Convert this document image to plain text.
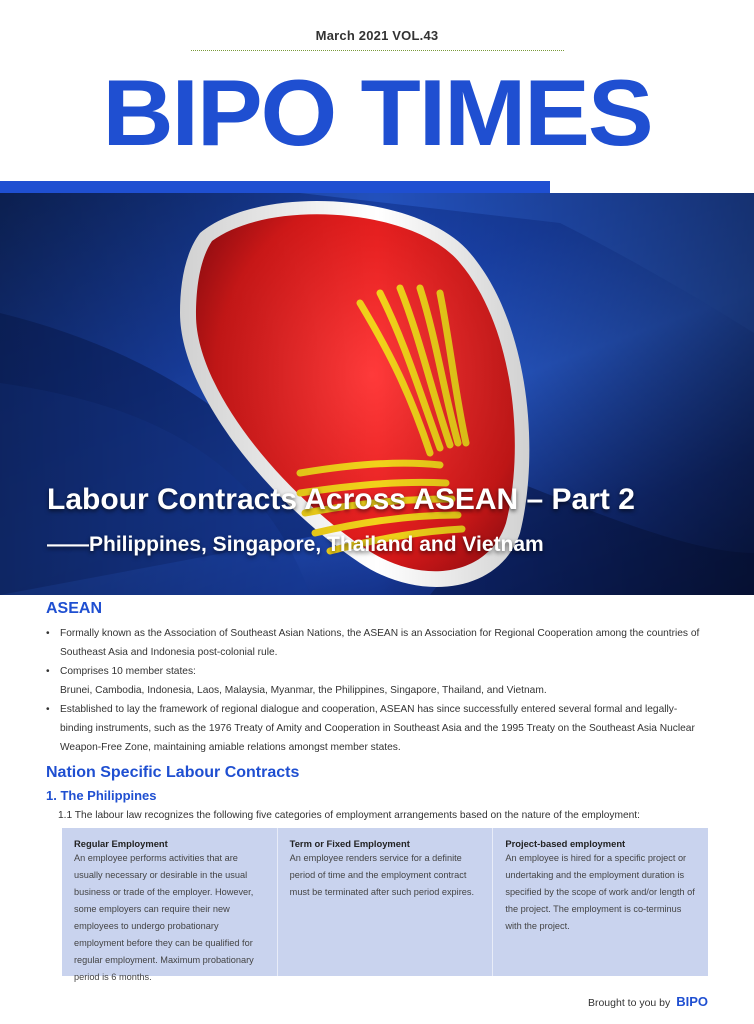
March 2021 VOL.43
BIPO TIMES
Labour Contracts Across ASEAN – Part 2
——Philippines, Singapore, Thailand and Vietnam
ASEAN
• Formally known as the Association of Southeast Asian Nations, the ASEAN is an Association for Regional Cooperation among the countries of Southeast Asia and Indonesia post-colonial rule.
• Comprises 10 member states:
Brunei, Cambodia, Indonesia, Laos, Malaysia, Myanmar, the Philippines, Singapore, Thailand, and Vietnam.
• Established to lay the framework of regional dialogue and cooperation, ASEAN has since successfully entered several formal and legally-binding instruments, such as the 1976 Treaty of Amity and Cooperation in Southeast Asia and the 1995 Treaty on the Southeast Asia Nuclear Weapon-Free Zone, maintaining amiable relations amongst member states.
Nation Specific Labour Contracts
1. The Philippines
1.1 The labour law recognizes the following five categories of employment arrangements based on the nature of the employment:
Regular Employment
An employee performs activities that are usually necessary or desirable in the usual business or trade of the employer. However, some employers can require their new employees to undergo probationary employment before they can be qualified for regular employment. Maximum probationary period is 6 months.
Term or Fixed Employment
An employee renders service for a definite period of time and the employment contract must be terminated after such period expires.
Project-based employment
An employee is hired for a specific project or undertaking and the employment duration is specified by the scope of work and/or length of the project. The employment is co-terminus with the project.
Brought to you by BIPO
